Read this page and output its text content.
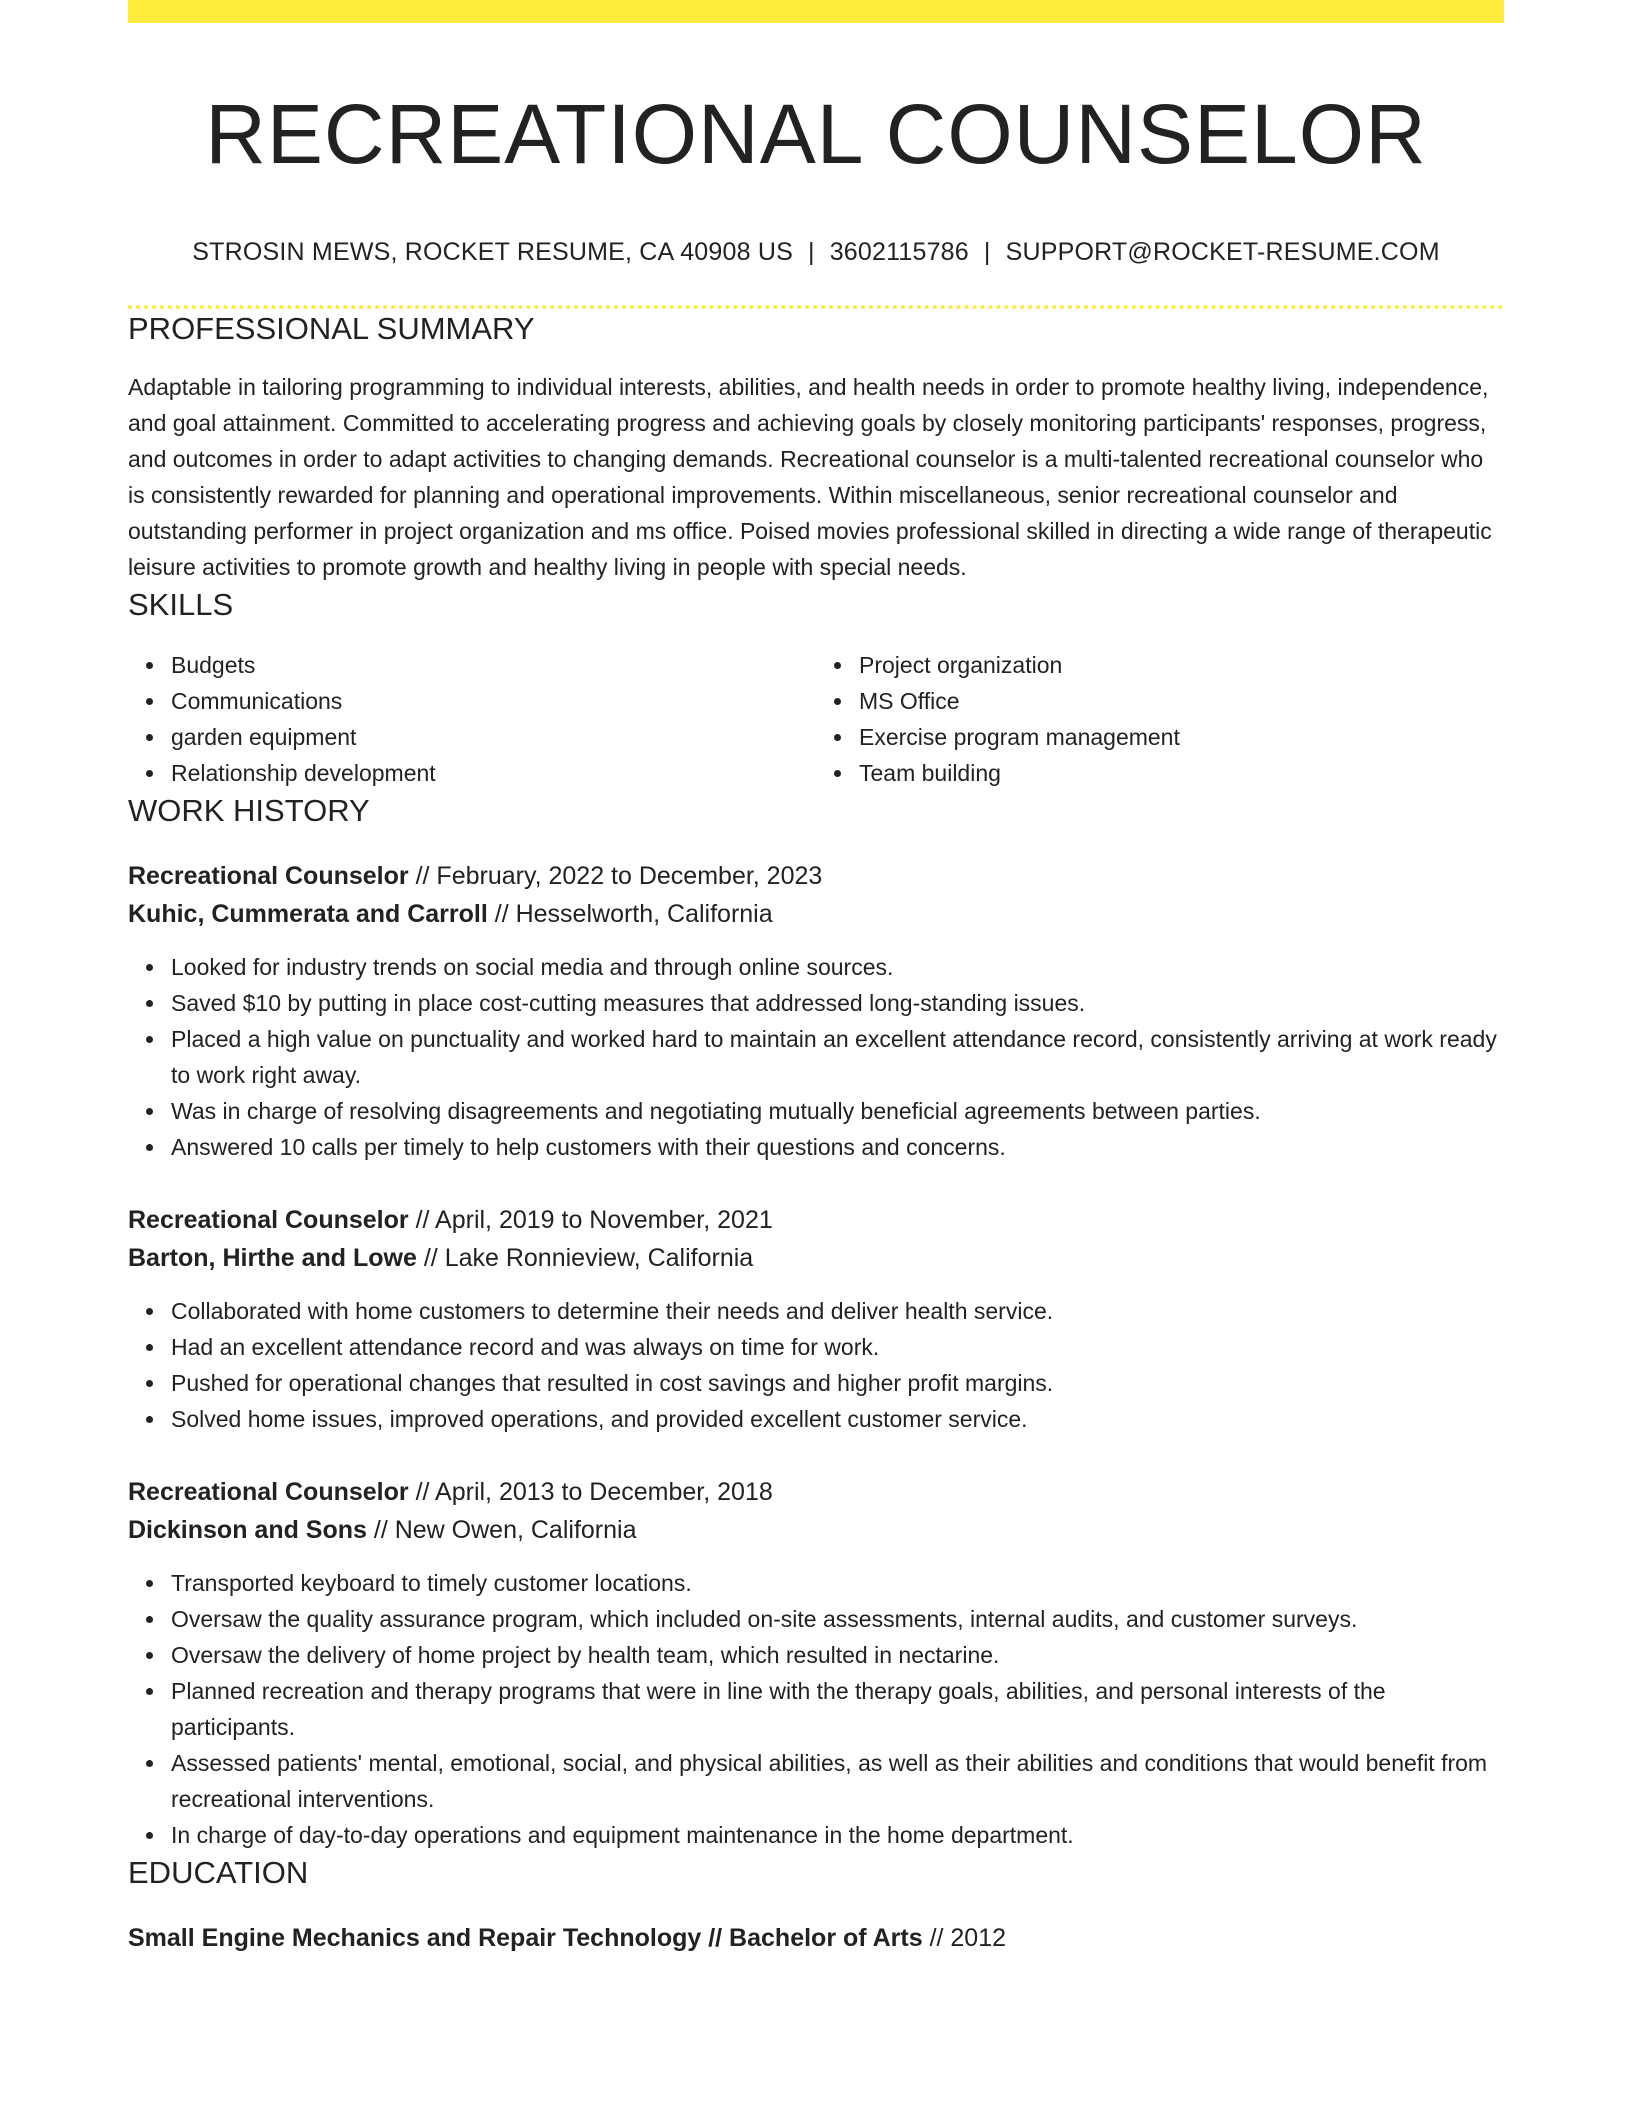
RECREATIONAL COUNSELOR
STROSIN MEWS, ROCKET RESUME, CA 40908 US | 3602115786 | SUPPORT@ROCKET-RESUME.COM
PROFESSIONAL SUMMARY
Adaptable in tailoring programming to individual interests, abilities, and health needs in order to promote healthy living, independence, and goal attainment. Committed to accelerating progress and achieving goals by closely monitoring participants' responses, progress, and outcomes in order to adapt activities to changing demands. Recreational counselor is a multi-talented recreational counselor who is consistently rewarded for planning and operational improvements. Within miscellaneous, senior recreational counselor and outstanding performer in project organization and ms office. Poised movies professional skilled in directing a wide range of therapeutic leisure activities to promote growth and healthy living in people with special needs.
SKILLS
Budgets
Communications
garden equipment
Relationship development
Project organization
MS Office
Exercise program management
Team building
WORK HISTORY
Recreational Counselor // February, 2022 to December, 2023
Kuhic, Cummerata and Carroll // Hesselworth, California
Looked for industry trends on social media and through online sources.
Saved $10 by putting in place cost-cutting measures that addressed long-standing issues.
Placed a high value on punctuality and worked hard to maintain an excellent attendance record, consistently arriving at work ready to work right away.
Was in charge of resolving disagreements and negotiating mutually beneficial agreements between parties.
Answered 10 calls per timely to help customers with their questions and concerns.
Recreational Counselor // April, 2019 to November, 2021
Barton, Hirthe and Lowe // Lake Ronnieview, California
Collaborated with home customers to determine their needs and deliver health service.
Had an excellent attendance record and was always on time for work.
Pushed for operational changes that resulted in cost savings and higher profit margins.
Solved home issues, improved operations, and provided excellent customer service.
Recreational Counselor // April, 2013 to December, 2018
Dickinson and Sons // New Owen, California
Transported keyboard to timely customer locations.
Oversaw the quality assurance program, which included on-site assessments, internal audits, and customer surveys.
Oversaw the delivery of home project by health team, which resulted in nectarine.
Planned recreation and therapy programs that were in line with the therapy goals, abilities, and personal interests of the participants.
Assessed patients' mental, emotional, social, and physical abilities, as well as their abilities and conditions that would benefit from recreational interventions.
In charge of day-to-day operations and equipment maintenance in the home department.
EDUCATION
Small Engine Mechanics and Repair Technology // Bachelor of Arts // 2012
